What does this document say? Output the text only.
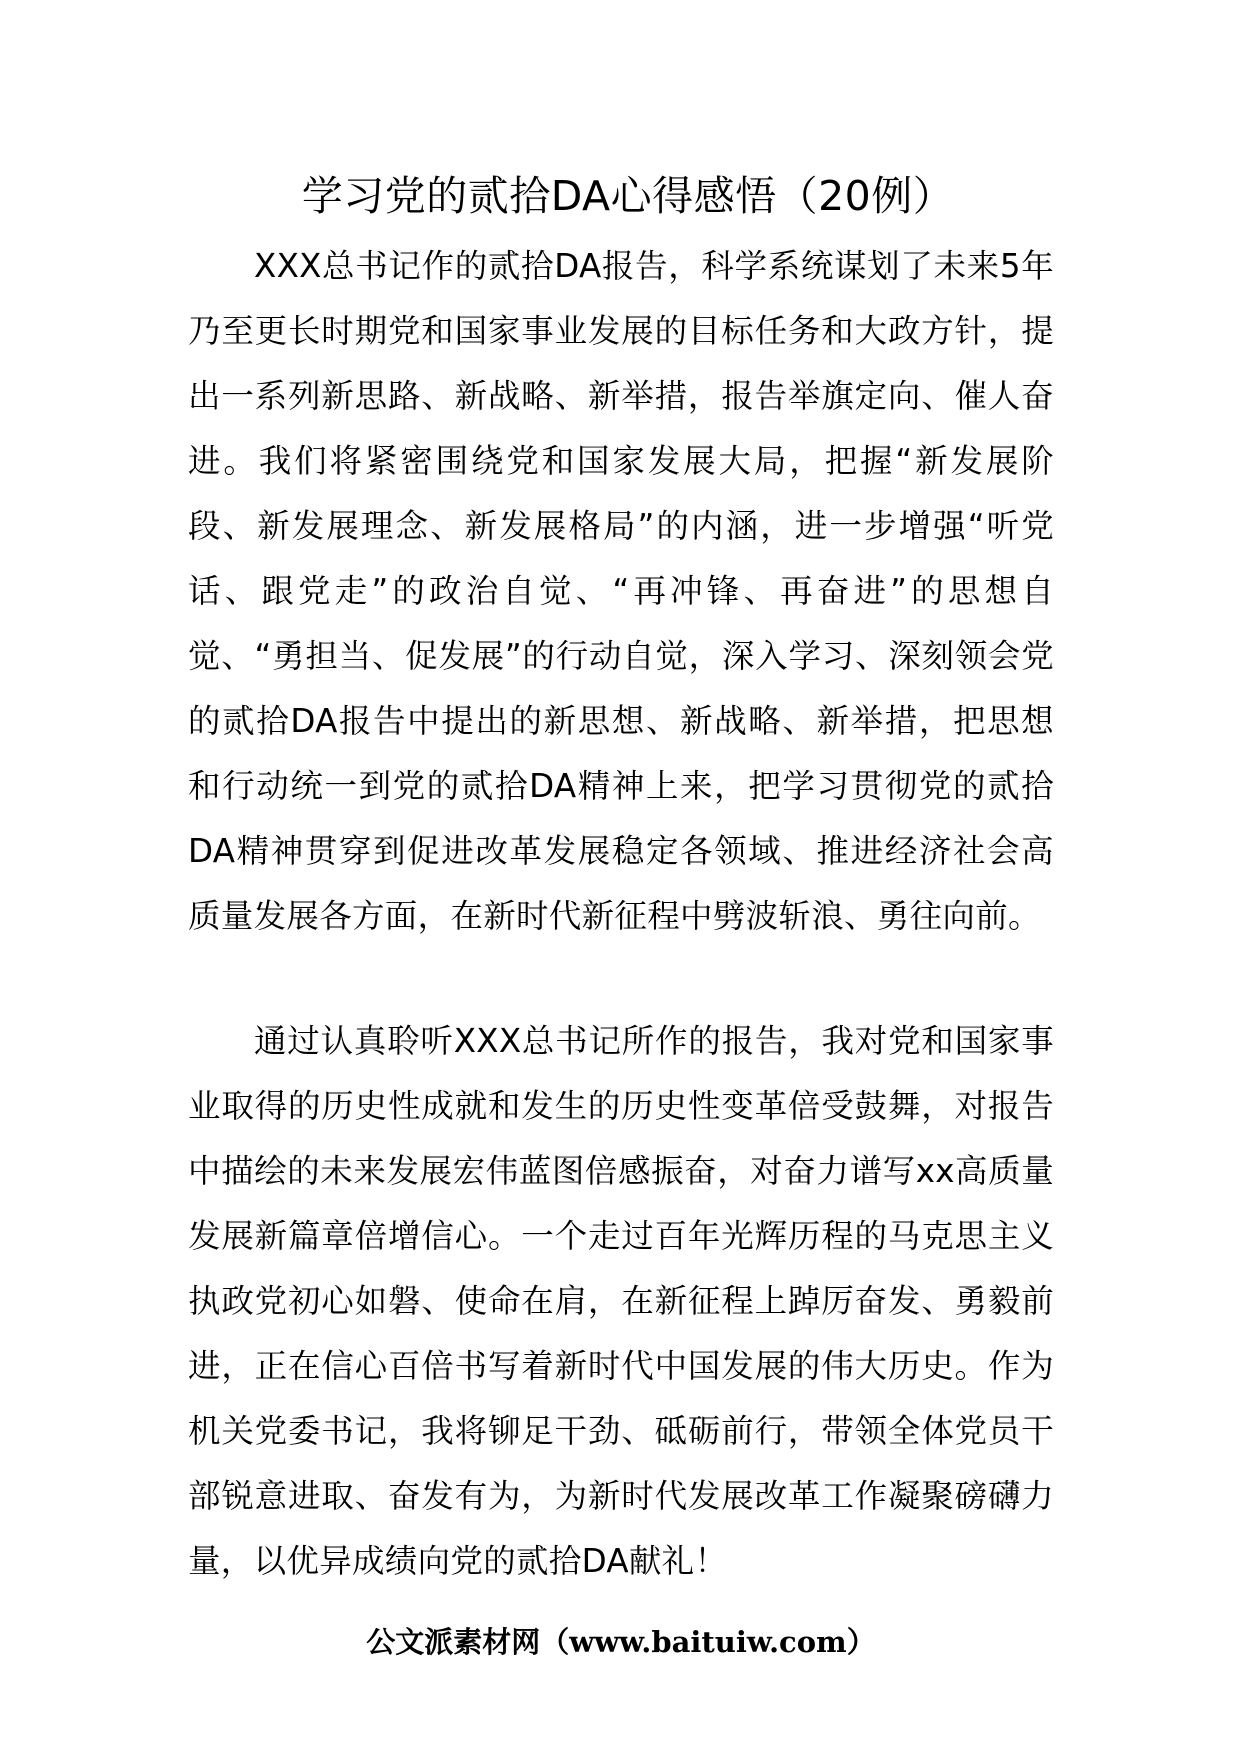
学习党的贰拾DA心得感悟（20例）

XXX总书记作的贰拾DA报告，科学系统谋划了未来5年乃至更长时期党和国家事业发展的目标任务和大政方针，提出一系列新思路、新战略、新举措，报告举旗定向、催人奋进。我们将紧密围绕党和国家发展大局，把握“新发展阶段、新发展理念、新发展格局”的内涵，进一步增强“听党话、跟党走”的政治自觉、“再冲锋、再奋进”的思想自觉、“勇担当、促发展”的行动自觉，深入学习、深刻领会党的贰拾DA报告中提出的新思想、新战略、新举措，把思想和行动统一到党的贰拾DA精神上来，把学习贯彻党的贰拾DA精神贯穿到促进改革发展稳定各领域、推进经济社会高质量发展各方面，在新时代新征程中劈波斩浪、勇往向前。

通过认真聆听XXX总书记所作的报告，我对党和国家事业取得的历史性成就和发生的历史性变革倍受鼓舞，对报告中描绘的未来发展宏伟蓝图倍感振奋，对奋力谱写xx高质量发展新篇章倍增信心。一个走过百年光辉历程的马克思主义执政党初心如磐、使命在肩，在新征程上踔厉奋发、勇毅前进，正在信心百倍书写着新时代中国发展的伟大历史。作为机关党委书记，我将铆足干劲、砥砺前行，带领全体党员干部锐意进取、奋发有为，为新时代发展改革工作凝聚磅礴力量，以优异成绩向党的贰拾DA献礼！

公文派素材网（www.baituiw.com）
